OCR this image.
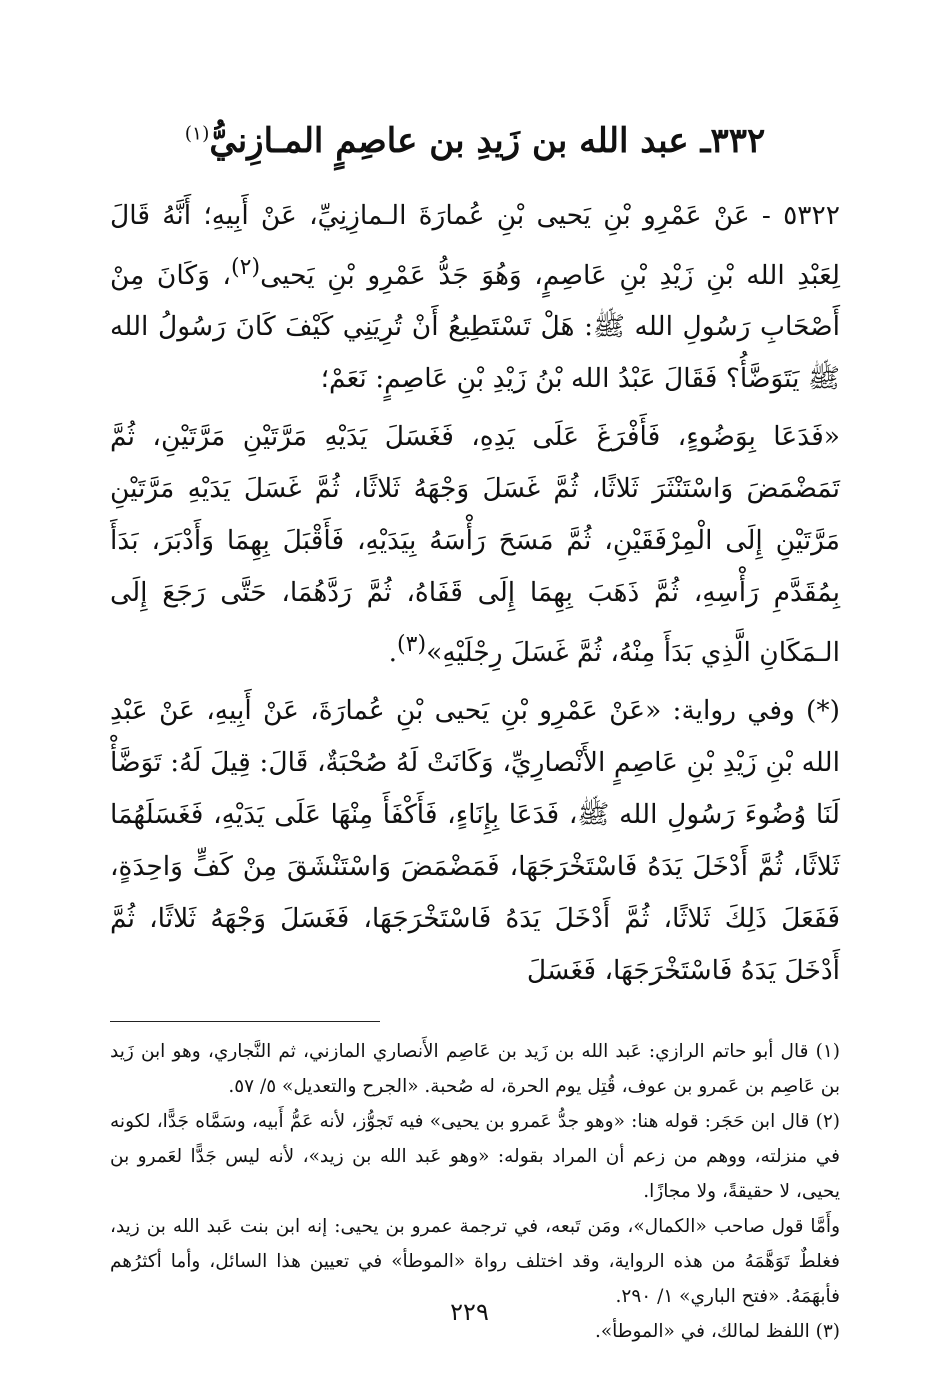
٣٣٢ـ عبد الله بن زَيدِ بن عاصِمٍ المـازِنيُّ$^{(١)}$

٥٣٢٢ - عَنْ عَمْرِو بْنِ يَحيى بْنِ عُمارَةَ الـمازِنِيِّ، عَنْ أَبِيهِ؛ أَنَّهُ قَالَ لِعَبْدِ الله بْنِ زَيْدِ بْنِ عَاصِمٍ، وَهُوَ جَدُّ عَمْرِو بْنِ يَحيى$^{(٢)}$، وَكَانَ مِنْ أَصْحَابِ رَسُولِ الله ﷺ: هَلْ تَسْتَطِيعُ أَنْ تُرِيَنِي كَيْفَ كَانَ رَسُولُ الله ﷺ يَتَوَضَّأُ؟ فَقَالَ عَبْدُ الله بْنُ زَيْدِ بْنِ عَاصِمٍ: نَعَمْ؛

«فَدَعَا بِوَضُوءٍ، فَأَفْرَغَ عَلَى يَدِهِ، فَغَسَلَ يَدَيْهِ مَرَّتَيْنِ مَرَّتَيْنِ، ثُمَّ تَمَضْمَضَ وَاسْتَنْثَرَ ثَلاثًا، ثُمَّ غَسَلَ وَجْهَهُ ثَلاثًا، ثُمَّ غَسَلَ يَدَيْهِ مَرَّتَيْنِ مَرَّتَيْنِ إِلَى الْمِرْفَقَيْنِ، ثُمَّ مَسَحَ رَأْسَهُ بِيَدَيْهِ، فَأَقْبَلَ بِهِمَا وَأَدْبَرَ، بَدَأَ بِمُقَدَّمِ رَأْسِهِ، ثُمَّ ذَهَبَ بِهِمَا إِلَى قَفَاهُ، ثُمَّ رَدَّهُمَا، حَتَّى رَجَعَ إِلَى الـمَكَانِ الَّذِي بَدَأَ مِنْهُ، ثُمَّ غَسَلَ رِجْلَيْهِ»$^{(٣)}$.

(*) وفي رواية: «عَنْ عَمْرِو بْنِ يَحيى بْنِ عُمارَةَ، عَنْ أَبِيهِ، عَنْ عَبْدِ الله بْنِ زَيْدِ بْنِ عَاصِمٍ الأَنْصارِيِّ، وَكَانَتْ لَهُ صُحْبَةٌ، قَالَ: قِيلَ لَهُ: تَوَضَّأْ لَنَا وُضُوءَ رَسُولِ الله ﷺ، فَدَعَا بِإِنَاءٍ، فَأَكْفَأَ مِنْهَا عَلَى يَدَيْهِ، فَغَسَلَهُمَا ثَلاثًا، ثُمَّ أَدْخَلَ يَدَهُ فَاسْتَخْرَجَهَا، فَمَضْمَضَ وَاسْتَنْشَقَ مِنْ كَفٍّ وَاحِدَةٍ، فَفَعَلَ ذَلِكَ ثَلاثًا، ثُمَّ أَدْخَلَ يَدَهُ فَاسْتَخْرَجَهَا، فَغَسَلَ وَجْهَهُ ثَلاثًا، ثُمَّ أَدْخَلَ يَدَهُ فَاسْتَخْرَجَهَا، فَغَسَلَ

(١) قال أبو حاتم الرازي: عَبد الله بن زَيد بن عَاصِم الأَنصاري المازني، ثم النَّجاري، وهو ابن زَيد بن عَاصِم بن عَمرو بن عوف، قُتِل يوم الحرة، له صُحبة. «الجرح والتعديل» ٥/ ٥٧.

(٢) قال ابن حَجَر: قوله هنا: «وهو جدُّ عَمرو بن يحيى» فيه تَجوُّز، لأنه عَمُّ أَبيه، وسَمَّاه جَدًّا، لكونه في منزلته، ووهم من زعم أن المراد بقوله: «وهو عَبد الله بن زيد»، لأنه ليس جَدًّا لعَمرو بن يحيى، لا حقيقةً، ولا مجازًا.

وأَمَّا قول صاحب «الكمال»، ومَن تَبعه، في ترجمة عمرو بن يحيى: إنه ابن بنت عَبد الله بن زيد، فغلطٌ تَوَهَّمَهُ من هذه الرواية، وقد اختلف رواة «الموطأ» في تعيين هذا السائل، وأما أكثرُهم فأبهَمَهُ. «فتح الباري» ١/ ٢٩٠.

(٣) اللفظ لمالك، في «الموطأ».

٢٢٩
